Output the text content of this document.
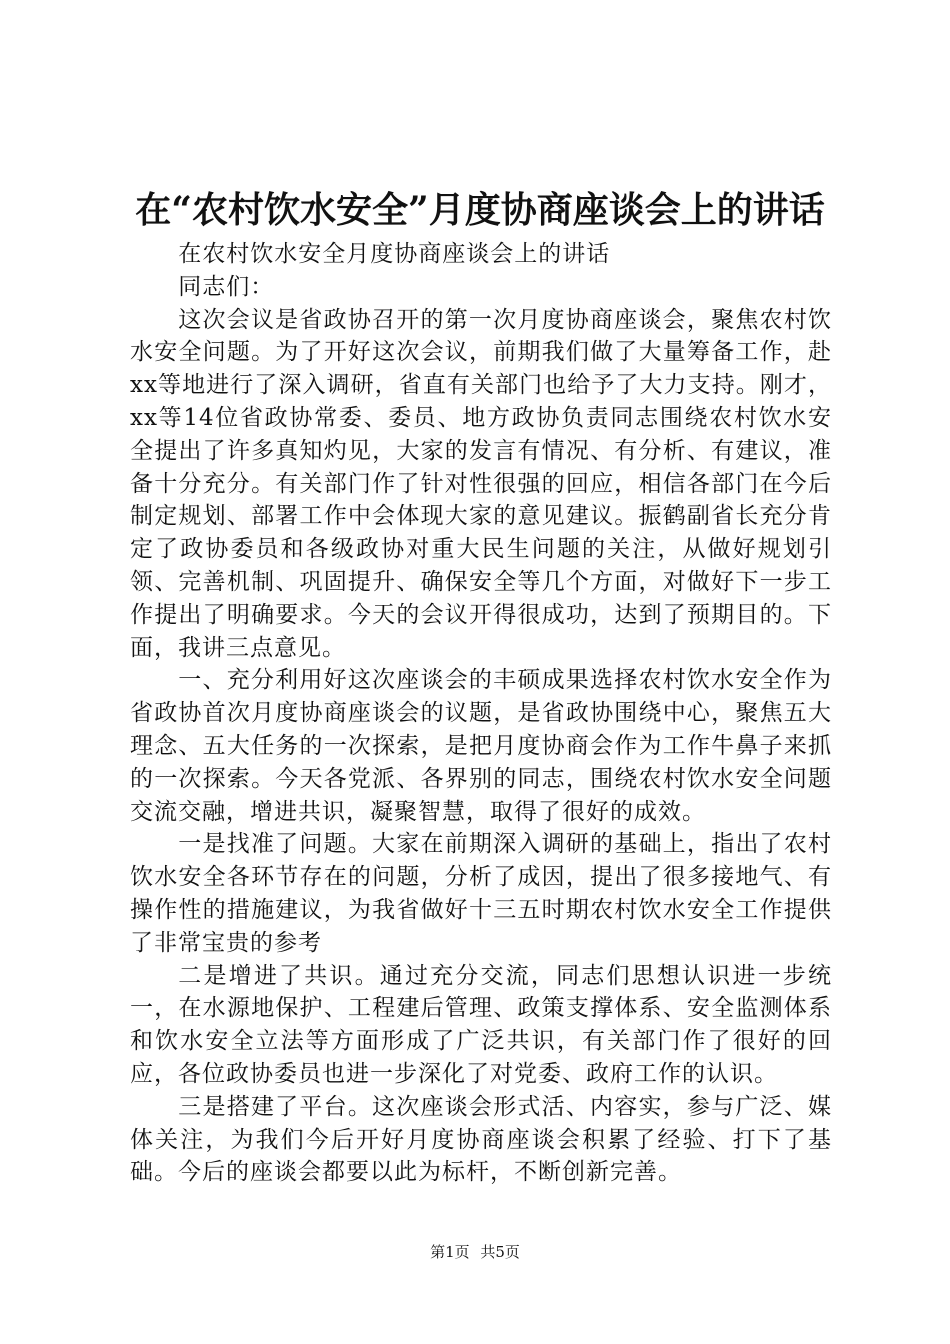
在“农村饮水安全”月度协商座谈会上的讲话

在农村饮水安全月度协商座谈会上的讲话

同志们：

这次会议是省政协召开的第一次月度协商座谈会，聚焦农村饮水安全问题。为了开好这次会议，前期我们做了大量筹备工作，赴xx等地进行了深入调研，省直有关部门也给予了大力支持。刚才，xx等14位省政协常委、委员、地方政协负责同志围绕农村饮水安全提出了许多真知灼见，大家的发言有情况、有分析、有建议，准备十分充分。有关部门作了针对性很强的回应，相信各部门在今后制定规划、部署工作中会体现大家的意见建议。振鹤副省长充分肯定了政协委员和各级政协对重大民生问题的关注，从做好规划引领、完善机制、巩固提升、确保安全等几个方面，对做好下一步工作提出了明确要求。今天的会议开得很成功，达到了预期目的。下面，我讲三点意见。

一、充分利用好这次座谈会的丰硕成果选择农村饮水安全作为省政协首次月度协商座谈会的议题，是省政协围绕中心，聚焦五大理念、五大任务的一次探索，是把月度协商会作为工作牛鼻子来抓的一次探索。今天各党派、各界别的同志，围绕农村饮水安全问题交流交融，增进共识，凝聚智慧，取得了很好的成效。

一是找准了问题。大家在前期深入调研的基础上，指出了农村饮水安全各环节存在的问题，分析了成因，提出了很多接地气、有操作性的措施建议，为我省做好十三五时期农村饮水安全工作提供了非常宝贵的参考

二是增进了共识。通过充分交流，同志们思想认识进一步统一，在水源地保护、工程建后管理、政策支撑体系、安全监测体系和饮水安全立法等方面形成了广泛共识，有关部门作了很好的回应，各位政协委员也进一步深化了对党委、政府工作的认识。

三是搭建了平台。这次座谈会形式活、内容实，参与广泛、媒体关注，为我们今后开好月度协商座谈会积累了经验、打下了基础。今后的座谈会都要以此为标杆，不断创新完善。

第1页 共5页
